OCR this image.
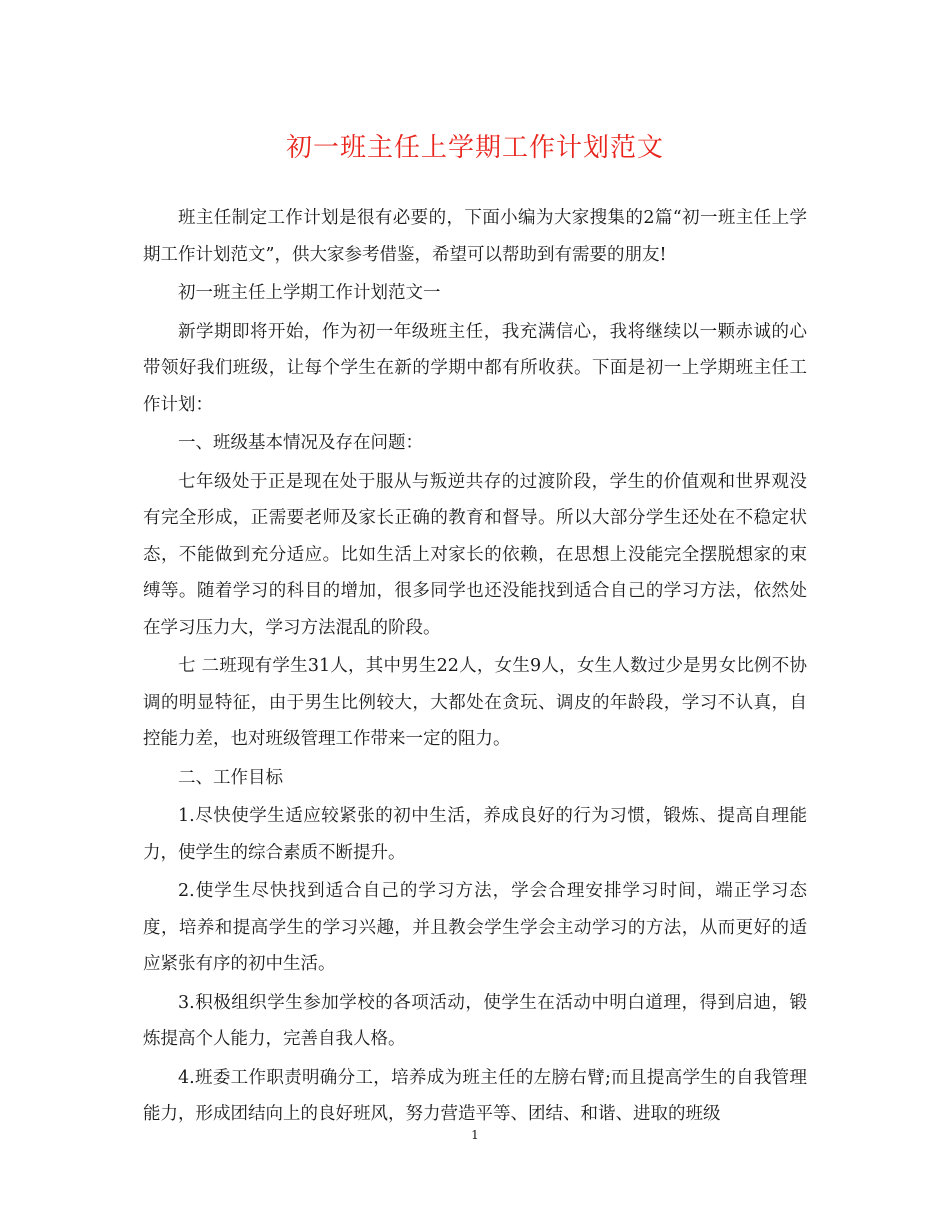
初一班主任上学期工作计划范文

班主任制定工作计划是很有必要的，下面小编为大家搜集的2篇“初一班主任上学期工作计划范文”，供大家参考借鉴，希望可以帮助到有需要的朋友!

初一班主任上学期工作计划范文一

新学期即将开始，作为初一年级班主任，我充满信心，我将继续以一颗赤诚的心带领好我们班级，让每个学生在新的学期中都有所收获。下面是初一上学期班主任工作计划：

一、班级基本情况及存在问题：

七年级处于正是现在处于服从与叛逆共存的过渡阶段，学生的价值观和世界观没有完全形成，正需要老师及家长正确的教育和督导。所以大部分学生还处在不稳定状态，不能做到充分适应。比如生活上对家长的依赖，在思想上没能完全摆脱想家的束缚等。随着学习的科目的增加，很多同学也还没能找到适合自己的学习方法，依然处在学习压力大，学习方法混乱的阶段。

七 二班现有学生31人，其中男生22人，女生9人，女生人数过少是男女比例不协调的明显特征，由于男生比例较大，大都处在贪玩、调皮的年龄段，学习不认真，自控能力差，也对班级管理工作带来一定的阻力。

二、工作目标

1.尽快使学生适应较紧张的初中生活，养成良好的行为习惯，锻炼、提高自理能力，使学生的综合素质不断提升。

2.使学生尽快找到适合自己的学习方法，学会合理安排学习时间，端正学习态度，培养和提高学生的学习兴趣，并且教会学生学会主动学习的方法，从而更好的适应紧张有序的初中生活。

3.积极组织学生参加学校的各项活动，使学生在活动中明白道理，得到启迪，锻炼提高个人能力，完善自我人格。

4.班委工作职责明确分工，培养成为班主任的左膀右臂;而且提高学生的自我管理能力，形成团结向上的良好班风，努力营造平等、团结、和谐、进取的班级

1
